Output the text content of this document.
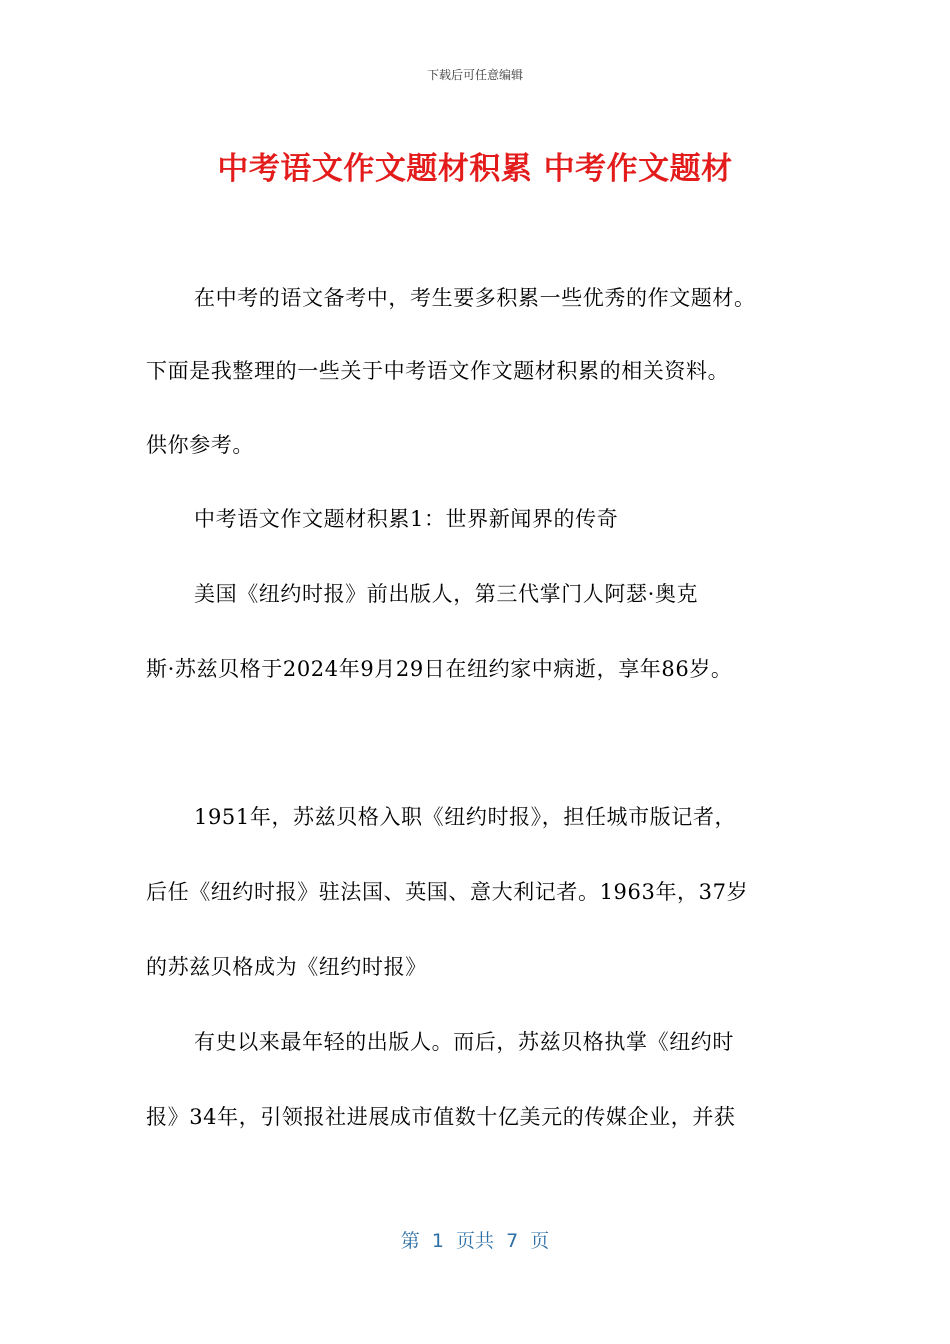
下载后可任意编辑
中考语文作文题材积累 中考作文题材
在中考的语文备考中，考生要多积累一些优秀的作文题材。
下面是我整理的一些关于中考语文作文题材积累的相关资料。
供你参考。
中考语文作文题材积累1：世界新闻界的传奇
美国《纽约时报》前出版人，第三代掌门人阿瑟·奥克
斯·苏兹贝格于2024年9月29日在纽约家中病逝，享年86岁。
1951年，苏兹贝格入职《纽约时报》，担任城市版记者，
后任《纽约时报》驻法国、英国、意大利记者。1963年，37岁
的苏兹贝格成为《纽约时报》
有史以来最年轻的出版人。而后，苏兹贝格执掌《纽约时
报》34年，引领报社进展成市值数十亿美元的传媒企业，并获
第  1  页共  7  页
